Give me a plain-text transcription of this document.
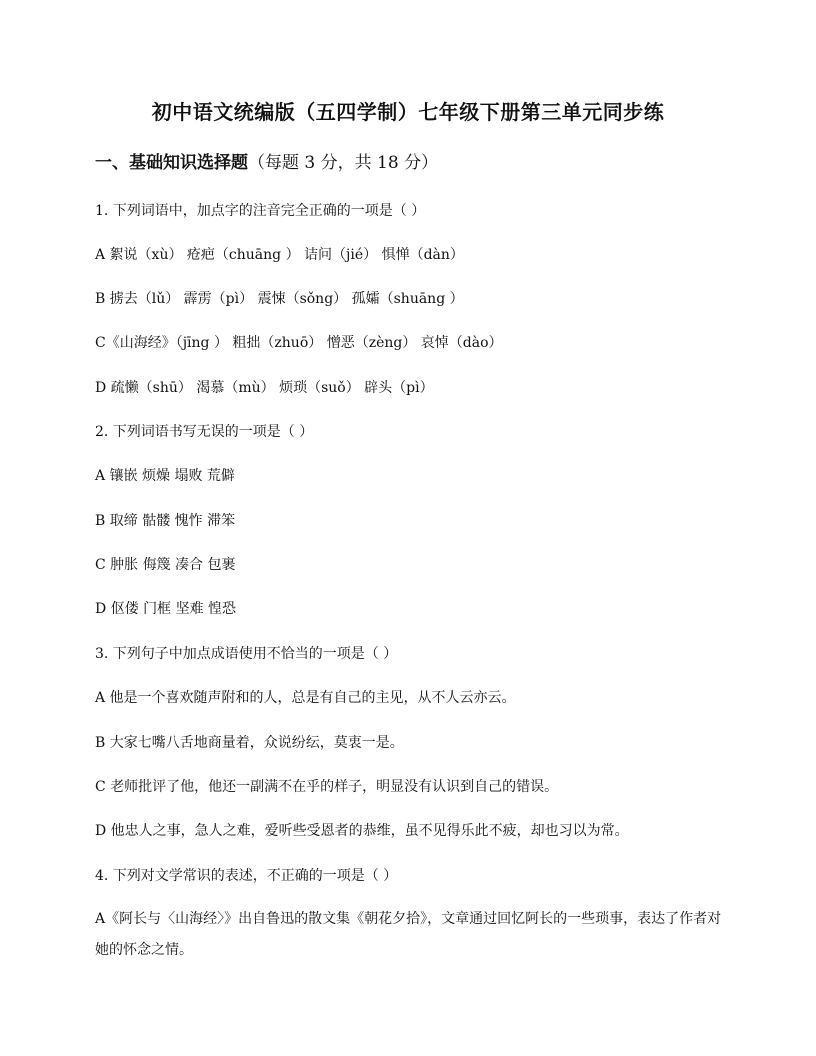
初中语文统编版（五四学制）七年级下册第三单元同步练
一、基础知识选择题（每题 3 分，共 18 分）
1. 下列词语中，加点字的注音完全正确的一项是（ ）
A 絮说（xù） 疮疤（chuāng ） 诘问（jié） 惧惮（dàn）
B 掳去（lǔ） 霹雳（pì） 震悚（sǒng） 孤孀（shuāng ）
C《山海经》（jīng ） 粗拙（zhuō） 憎恶（zèng） 哀悼（dào）
D 疏懒（shū） 渴慕（mù） 烦琐（suǒ） 辟头（pì）
2. 下列词语书写无误的一项是（ ）
A 镶嵌 烦燥 塌败 荒僻
B 取缔 骷髅 愧怍 滞笨
C 肿胀 侮篾 凑合 包裹
D 伛偻 门框 坚难 惶恐
3. 下列句子中加点成语使用不恰当的一项是（ ）
A 他是一个喜欢随声附和的人，总是有自己的主见，从不人云亦云。
B 大家七嘴八舌地商量着，众说纷纭，莫衷一是。
C 老师批评了他，他还一副满不在乎的样子，明显没有认识到自己的错误。
D 他忠人之事，急人之难，爱听些受恩者的恭维，虽不见得乐此不疲，却也习以为常。
4. 下列对文学常识的表述，不正确的一项是（ ）
A《阿长与〈山海经〉》出自鲁迅的散文集《朝花夕拾》，文章通过回忆阿长的一些琐事，表达了作者对她的怀念之情。
